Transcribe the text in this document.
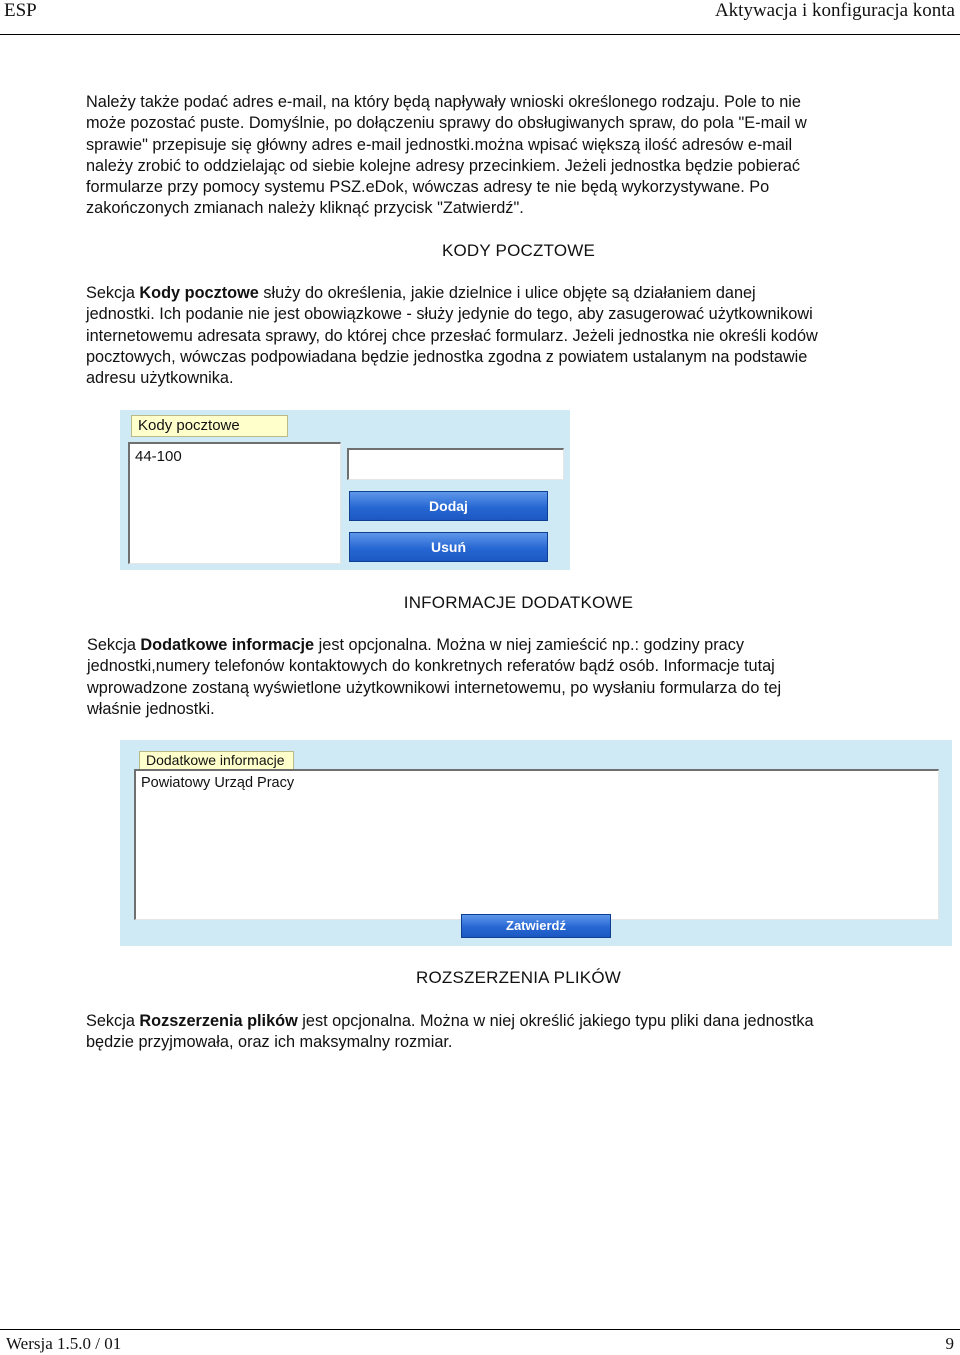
ESP	Aktywacja i konfiguracja konta
Należy także podać adres e-mail, na który będą napływały wnioski określonego rodzaju. Pole to nie
może pozostać puste. Domyślnie, po dołączeniu sprawy do obsługiwanych spraw, do pola "E-mail w
sprawie" przepisuje się główny adres e-mail jednostki.można wpisać większą ilość adresów e-mail
należy zrobić to oddzielając od siebie kolejne adresy przecinkiem. Jeżeli jednostka będzie pobierać
formularze przy pomocy systemu PSZ.eDok, wówczas adresy te nie będą wykorzystywane. Po
zakończonych zmianach należy kliknąć przycisk "Zatwierdź".
KODY POCZTOWE
Sekcja Kody pocztowe służy do określenia, jakie dzielnice i ulice objęte są działaniem danej
jednostki. Ich podanie nie jest obowiązkowe - służy jedynie do tego, aby zasugerować użytkownikowi
internetowemu adresata sprawy, do której chce przesłać formularz. Jeżeli jednostka nie określi kodów
pocztowych, wówczas podpowiadana będzie jednostka zgodna z powiatem ustalanym na podstawie
adresu użytkownika.
Kody pocztowe
44-100
Dodaj
Usuń
INFORMACJE DODATKOWE
Sekcja Dodatkowe informacje jest opcjonalna. Można w niej zamieścić np.: godziny pracy
jednostki,numery telefonów kontaktowych do konkretnych referatów bądź osób. Informacje tutaj
wprowadzone zostaną wyświetlone użytkownikowi internetowemu, po wysłaniu formularza do tej
właśnie jednostki.
Dodatkowe informacje
Powiatowy Urząd Pracy
Zatwierdź
ROZSZERZENIA PLIKÓW
Sekcja Rozszerzenia plików jest opcjonalna. Można w niej określić jakiego typu pliki dana jednostka
będzie przyjmowała, oraz ich maksymalny rozmiar.
Wersja 1.5.0 / 01	9
